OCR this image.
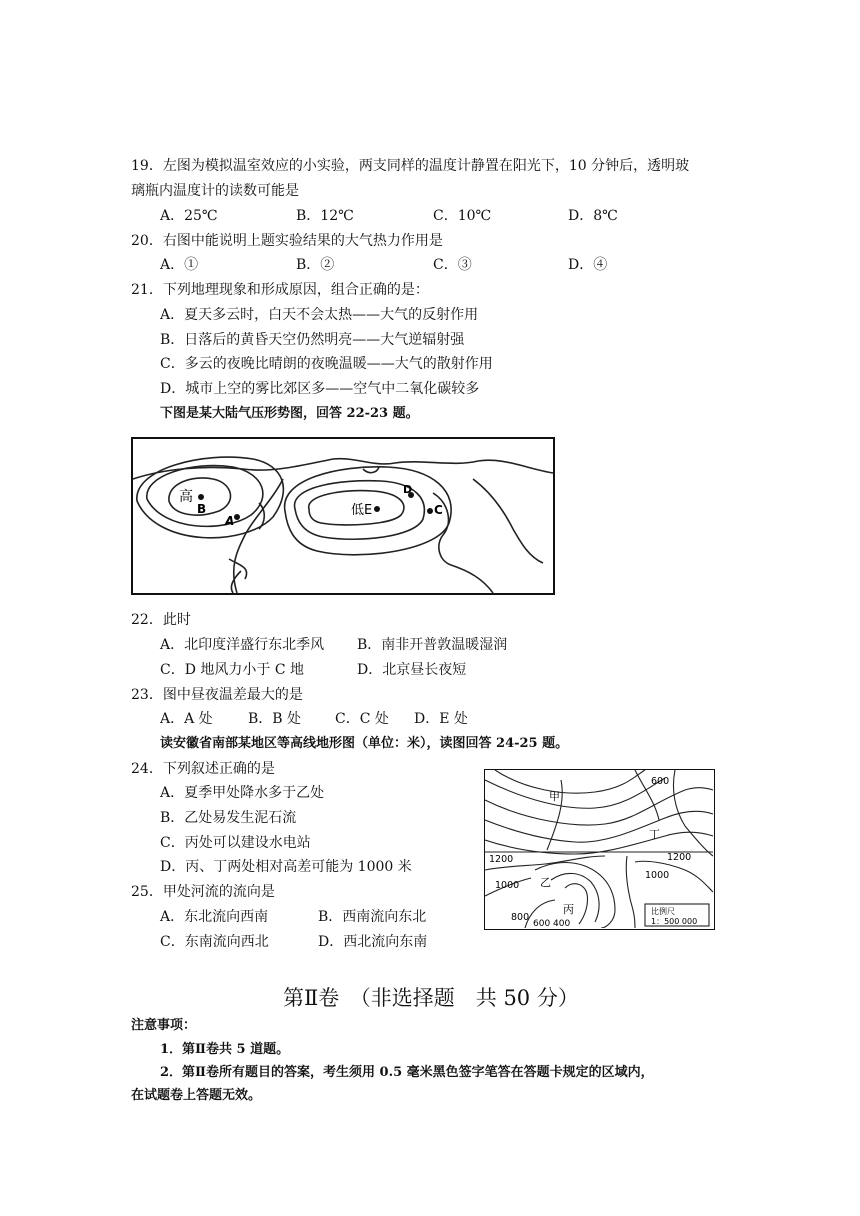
19．左图为模拟温室效应的小实验，两支同样的温度计静置在阳光下，10 分钟后，透明玻
璃瓶内温度计的读数可能是
A．25℃	B．12℃	C．10℃	D．8℃
20．右图中能说明上题实验结果的大气热力作用是
A．①	B．②	C．③	D．④
21．下列地理现象和形成原因，组合正确的是：
A．夏天多云时，白天不会太热——大气的反射作用
B．日落后的黄昏天空仍然明亮——大气逆辐射强
C．多云的夜晚比晴朗的夜晚温暖——大气的散射作用
D．城市上空的雾比郊区多——空气中二氧化碳较多
下图是某大陆气压形势图，回答 22-23 题。
高
B
A
低E	C
D
22．此时
A．北印度洋盛行东北季风 B．南非开普敦温暖湿润
C．D 地风力小于 C 地	D．北京昼长夜短
23．图中昼夜温差最大的是
A．A 处	B．B 处 C．C 处 D．E 处
读安徽省南部某地区等高线地形图（单位：米），读图回答 24-25 题。
24．下列叙述正确的是
A．夏季甲处降水多于乙处
B．乙处易发生泥石流
C．丙处可以建设水电站
D．丙、丁两处相对高差可能为 1000 米
25．甲处河流的流向是
A．东北流向西南	B．西南流向东北
C．东南流向西北	D．西北流向东南
甲
乙
丙
丁
600
1200	1200
1000
1000
800
600 400
比例尺
1：500 000
第Ⅱ卷　（非选择题　共 50 分）
注意事项：
1．第Ⅱ卷共 5 道题。
2．第Ⅱ卷所有题目的答案，考生须用 0.5 毫米黑色签字笔答在答题卡规定的区域内，
在试题卷上答题无效。
